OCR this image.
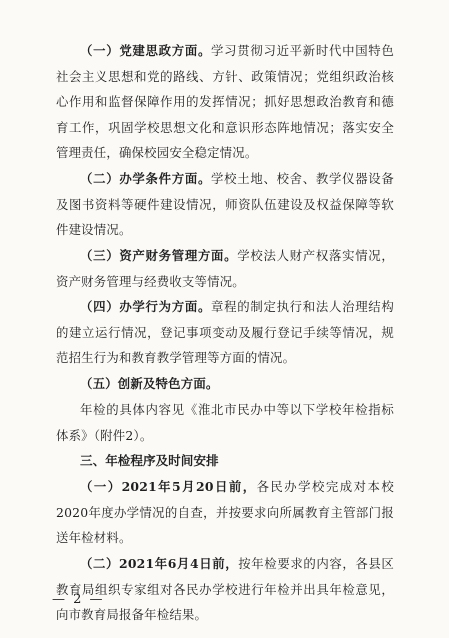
（一）党建思政方面。学习贯彻习近平新时代中国特色社会主义思想和党的路线、方针、政策情况；党组织政治核心作用和监督保障作用的发挥情况；抓好思想政治教育和德育工作，巩固学校思想文化和意识形态阵地情况；落实安全管理责任，确保校园安全稳定情况。

（二）办学条件方面。学校土地、校舍、教学仪器设备及图书资料等硬件建设情况，师资队伍建设及权益保障等软件建设情况。

（三）资产财务管理方面。学校法人财产权落实情况，资产财务管理与经费收支等情况。

（四）办学行为方面。章程的制定执行和法人治理结构的建立运行情况，登记事项变动及履行登记手续等情况，规范招生行为和教育教学管理等方面的情况。

（五）创新及特色方面。

年检的具体内容见《淮北市民办中等以下学校年检指标体系》（附件2）。

三、年检程序及时间安排

（一）2021年5月20日前，各民办学校完成对本校2020年度办学情况的自查，并按要求向所属教育主管部门报送年检材料。

（二）2021年6月4日前，按年检要求的内容，各县区教育局组织专家组对各民办学校进行年检并出具年检意见，向市教育局报备年检结果。

— 2 —
